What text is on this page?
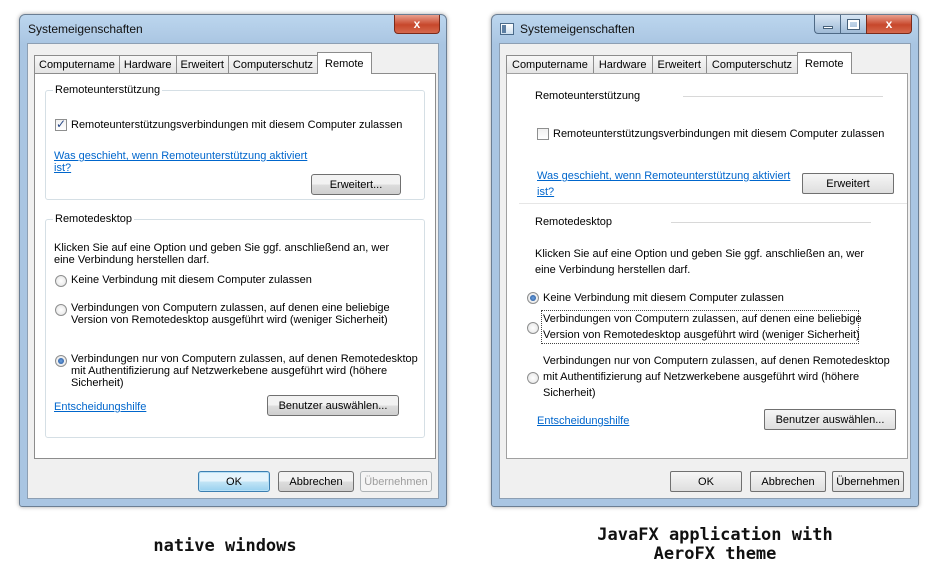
Systemeigenschaften	x
Computername Hardware Erweitert Computerschutz	Remote
Remoteunterstützung
✓
Remoteunterstützungsverbindungen mit diesem Computer zulassen
Was geschieht, wenn Remoteunterstützung aktiviert
ist?
Erweitert...
Remotedesktop
Klicken Sie auf eine Option und geben Sie ggf. anschließend an, wer
eine Verbindung herstellen darf.
Keine Verbindung mit diesem Computer zulassen
Verbindungen von Computern zulassen, auf denen eine beliebige
Version von Remotedesktop ausgeführt wird (weniger Sicherheit)
Verbindungen nur von Computern zulassen, auf denen Remotedesktop
mit Authentifizierung auf Netzwerkebene ausgeführt wird (höhere
Sicherheit)
Entscheidungshilfe	Benutzer auswählen...
OK	Abbrechen	Übernehmen
Systemeigenschaften	x
Computername	Hardware	Erweitert	Computerschutz	Remote
Remoteunterstützung
Remoteunterstützungsverbindungen mit diesem Computer zulassen
Was geschieht, wenn Remoteunterstützung aktiviert
ist?
Erweitert
Remotedesktop
Klicken Sie auf eine Option und geben Sie ggf. anschließen an, wer
eine Verbindung herstellen darf.
Keine Verbindung mit diesem Computer zulassen
Verbindungen von Computern zulassen, auf denen eine beliebige
Version von Remotedesktop ausgeführt wird (weniger Sicherheit)
Verbindungen nur von Computern zulassen, auf denen Remotedesktop
mit Authentifizierung auf Netzwerkebene ausgeführt wird (höhere
Sicherheit)
Entscheidungshilfe	Benutzer auswählen...
OK	Abbrechen	Übernehmen
native windows
JavaFX application with
AeroFX theme
